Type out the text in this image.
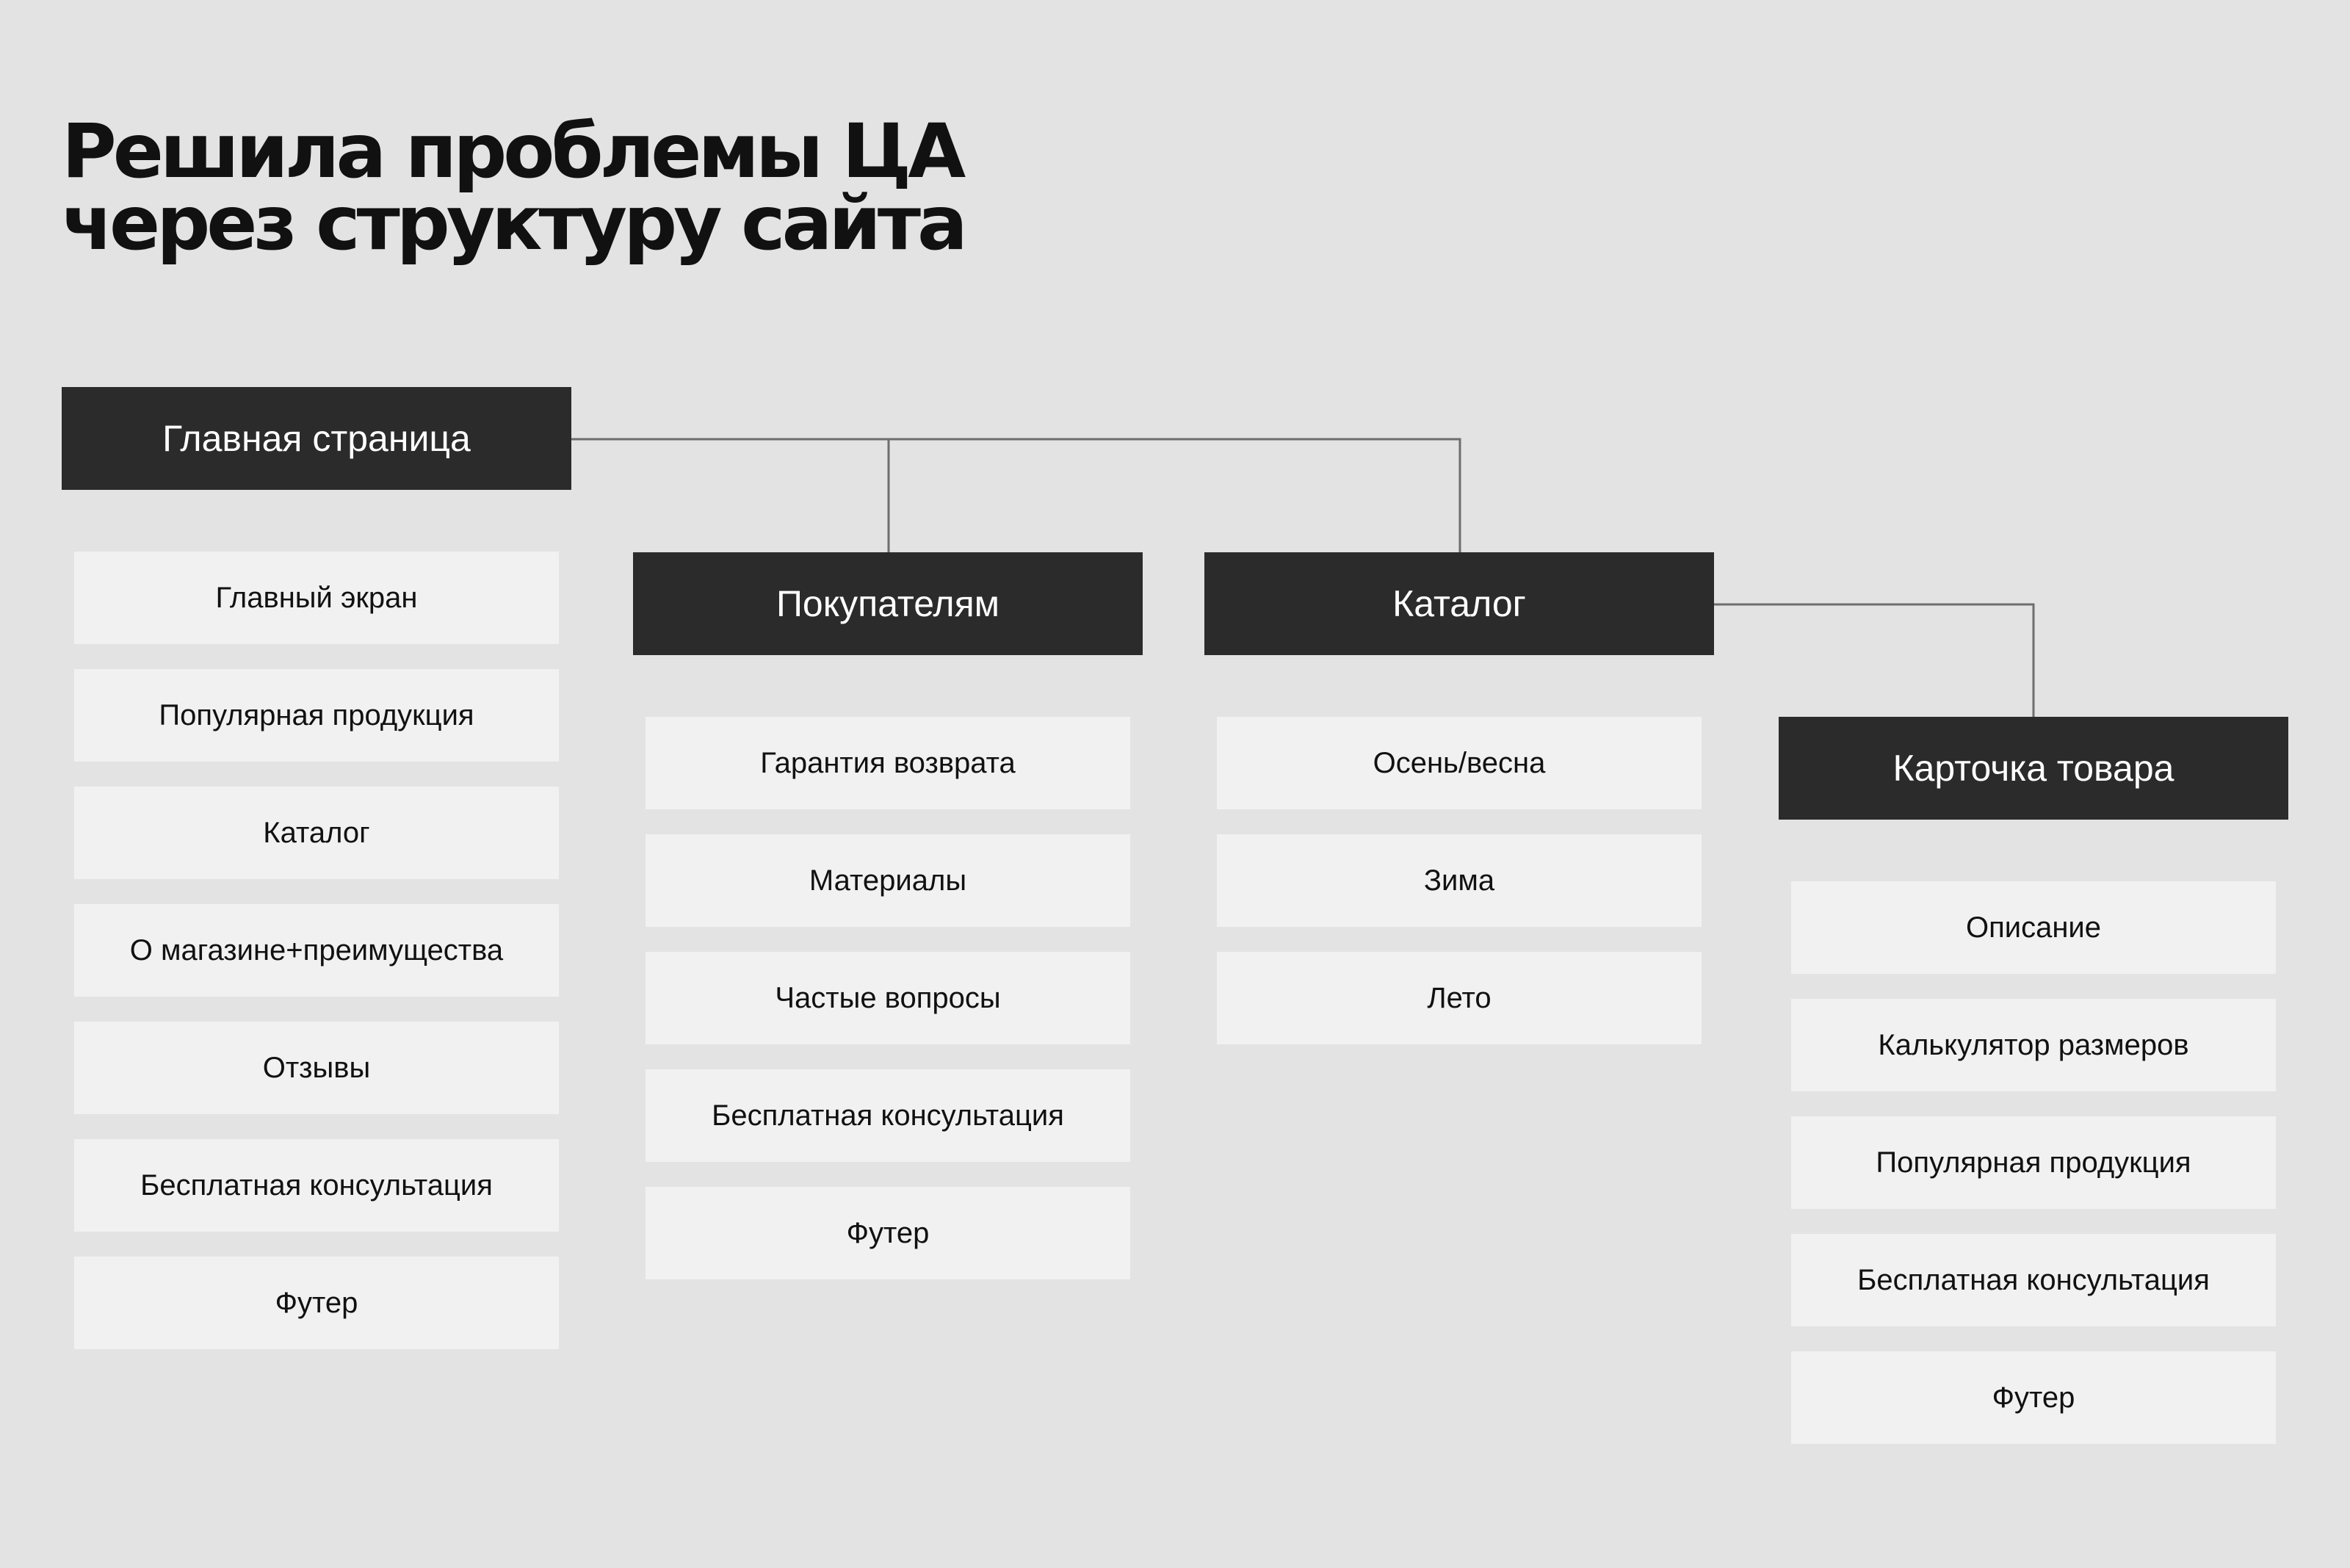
Решила проблемы ЦА
через структуру сайта
Главная страница
Главный экран
Популярная продукция
Каталог
О магазине+преимущества
Отзывы
Бесплатная консультация
Футер
Покупателям
Гарантия возврата
Материалы
Частые вопросы
Бесплатная консультация
Футер
Каталог
Осень/весна
Зима
Лето
Карточка товара
Описание
Калькулятор размеров
Популярная продукция
Бесплатная консультация
Футер
